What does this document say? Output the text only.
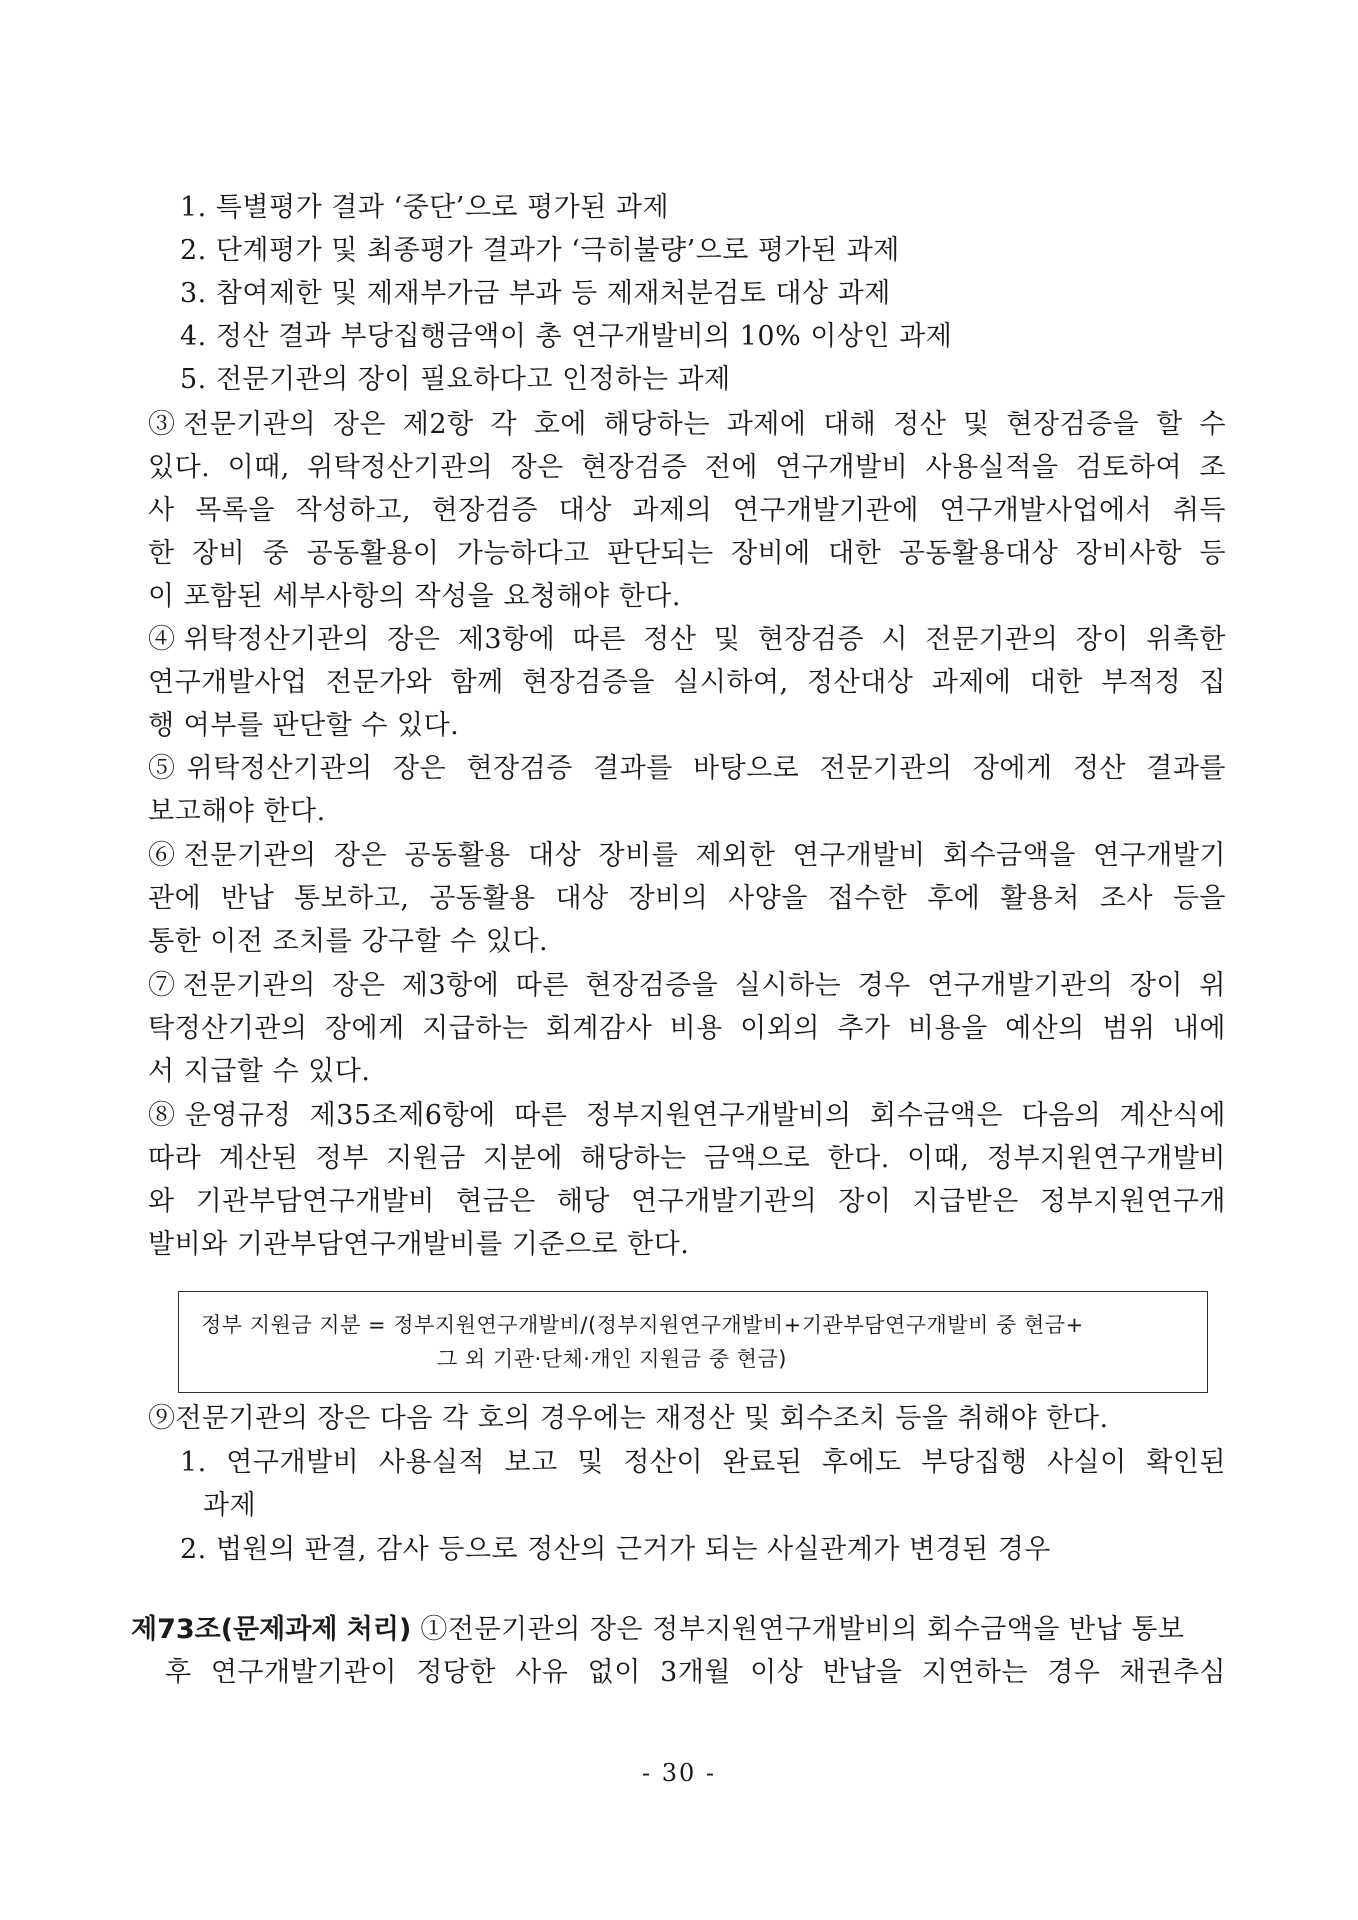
1. 특별평가 결과 ‘중단’으로 평가된 과제
2. 단계평가 및 최종평가 결과가 ‘극히불량’으로 평가된 과제
3. 참여제한 및 제재부가금 부과 등 제재처분검토 대상 과제
4. 정산 결과 부당집행금액이 총 연구개발비의 10% 이상인 과제
5. 전문기관의 장이 필요하다고 인정하는 과제
③전문기관의 장은 제2항 각 호에 해당하는 과제에 대해 정산 및 현장검증을 할 수
있다. 이때, 위탁정산기관의 장은 현장검증 전에 연구개발비 사용실적을 검토하여 조
사 목록을 작성하고, 현장검증 대상 과제의 연구개발기관에 연구개발사업에서 취득
한 장비 중 공동활용이 가능하다고 판단되는 장비에 대한 공동활용대상 장비사항 등
이 포함된 세부사항의 작성을 요청해야 한다.
④위탁정산기관의 장은 제3항에 따른 정산 및 현장검증 시 전문기관의 장이 위촉한
연구개발사업 전문가와 함께 현장검증을 실시하여, 정산대상 과제에 대한 부적정 집
행 여부를 판단할 수 있다.
⑤위탁정산기관의 장은 현장검증 결과를 바탕으로 전문기관의 장에게 정산 결과를
보고해야 한다.
⑥전문기관의 장은 공동활용 대상 장비를 제외한 연구개발비 회수금액을 연구개발기
관에 반납 통보하고, 공동활용 대상 장비의 사양을 접수한 후에 활용처 조사 등을
통한 이전 조치를 강구할 수 있다.
⑦전문기관의 장은 제3항에 따른 현장검증을 실시하는 경우 연구개발기관의 장이 위
탁정산기관의 장에게 지급하는 회계감사 비용 이외의 추가 비용을 예산의 범위 내에
서 지급할 수 있다.
⑧운영규정 제35조제6항에 따른 정부지원연구개발비의 회수금액은 다음의 계산식에
따라 계산된 정부 지원금 지분에 해당하는 금액으로 한다. 이때, 정부지원연구개발비
와 기관부담연구개발비 현금은 해당 연구개발기관의 장이 지급받은 정부지원연구개
발비와 기관부담연구개발비를 기준으로 한다.
정부 지원금 지분 = 정부지원연구개발비/(정부지원연구개발비+기관부담연구개발비 중 현금+
그 외 기관·단체·개인 지원금 중 현금)
⑨전문기관의 장은 다음 각 호의 경우에는 재정산 및 회수조치 등을 취해야 한다.
1. 연구개발비 사용실적 보고 및 정산이 완료된 후에도 부당집행 사실이 확인된
과제
2. 법원의 판결, 감사 등으로 정산의 근거가 되는 사실관계가 변경된 경우
제73조(문제과제 처리) ①전문기관의 장은 정부지원연구개발비의 회수금액을 반납 통보
후 연구개발기관이 정당한 사유 없이 3개월 이상 반납을 지연하는 경우 채권추심
- 30 -
